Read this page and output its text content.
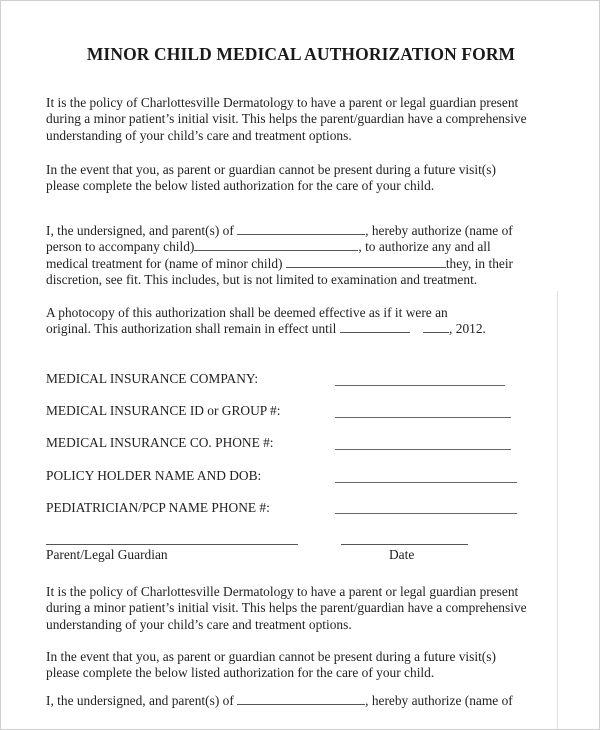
MINOR CHILD MEDICAL AUTHORIZATION FORM

It is the policy of Charlottesville Dermatology to have a parent or legal guardian present

during a minor patient’s initial visit. This helps the parent/guardian have a comprehensive

understanding of your child’s care and treatment options.

In the event that you, as parent or guardian cannot be present during a future visit(s)

please complete the below listed authorization for the care of your child.

I, the undersigned, and parent(s) of	, hereby authorize (name of

person to accompany child)	, to authorize any and all

medical treatment for (name of minor child)	they, in their

discretion, see fit. This includes, but is not limited to examination and treatment.

A photocopy of this authorization shall be deemed effective as if it were an

original. This authorization shall remain in effect until	, 2012.

MEDICAL INSURANCE COMPANY:
MEDICAL INSURANCE ID or GROUP #:
MEDICAL INSURANCE CO. PHONE #:
POLICY HOLDER NAME AND DOB:
PEDIATRICIAN/PCP NAME PHONE #:
Parent/Legal Guardian	Date

It is the policy of Charlottesville Dermatology to have a parent or legal guardian present

during a minor patient’s initial visit. This helps the parent/guardian have a comprehensive

understanding of your child’s care and treatment options.

In the event that you, as parent or guardian cannot be present during a future visit(s)

please complete the below listed authorization for the care of your child.

I, the undersigned, and parent(s) of	, hereby authorize (name of
